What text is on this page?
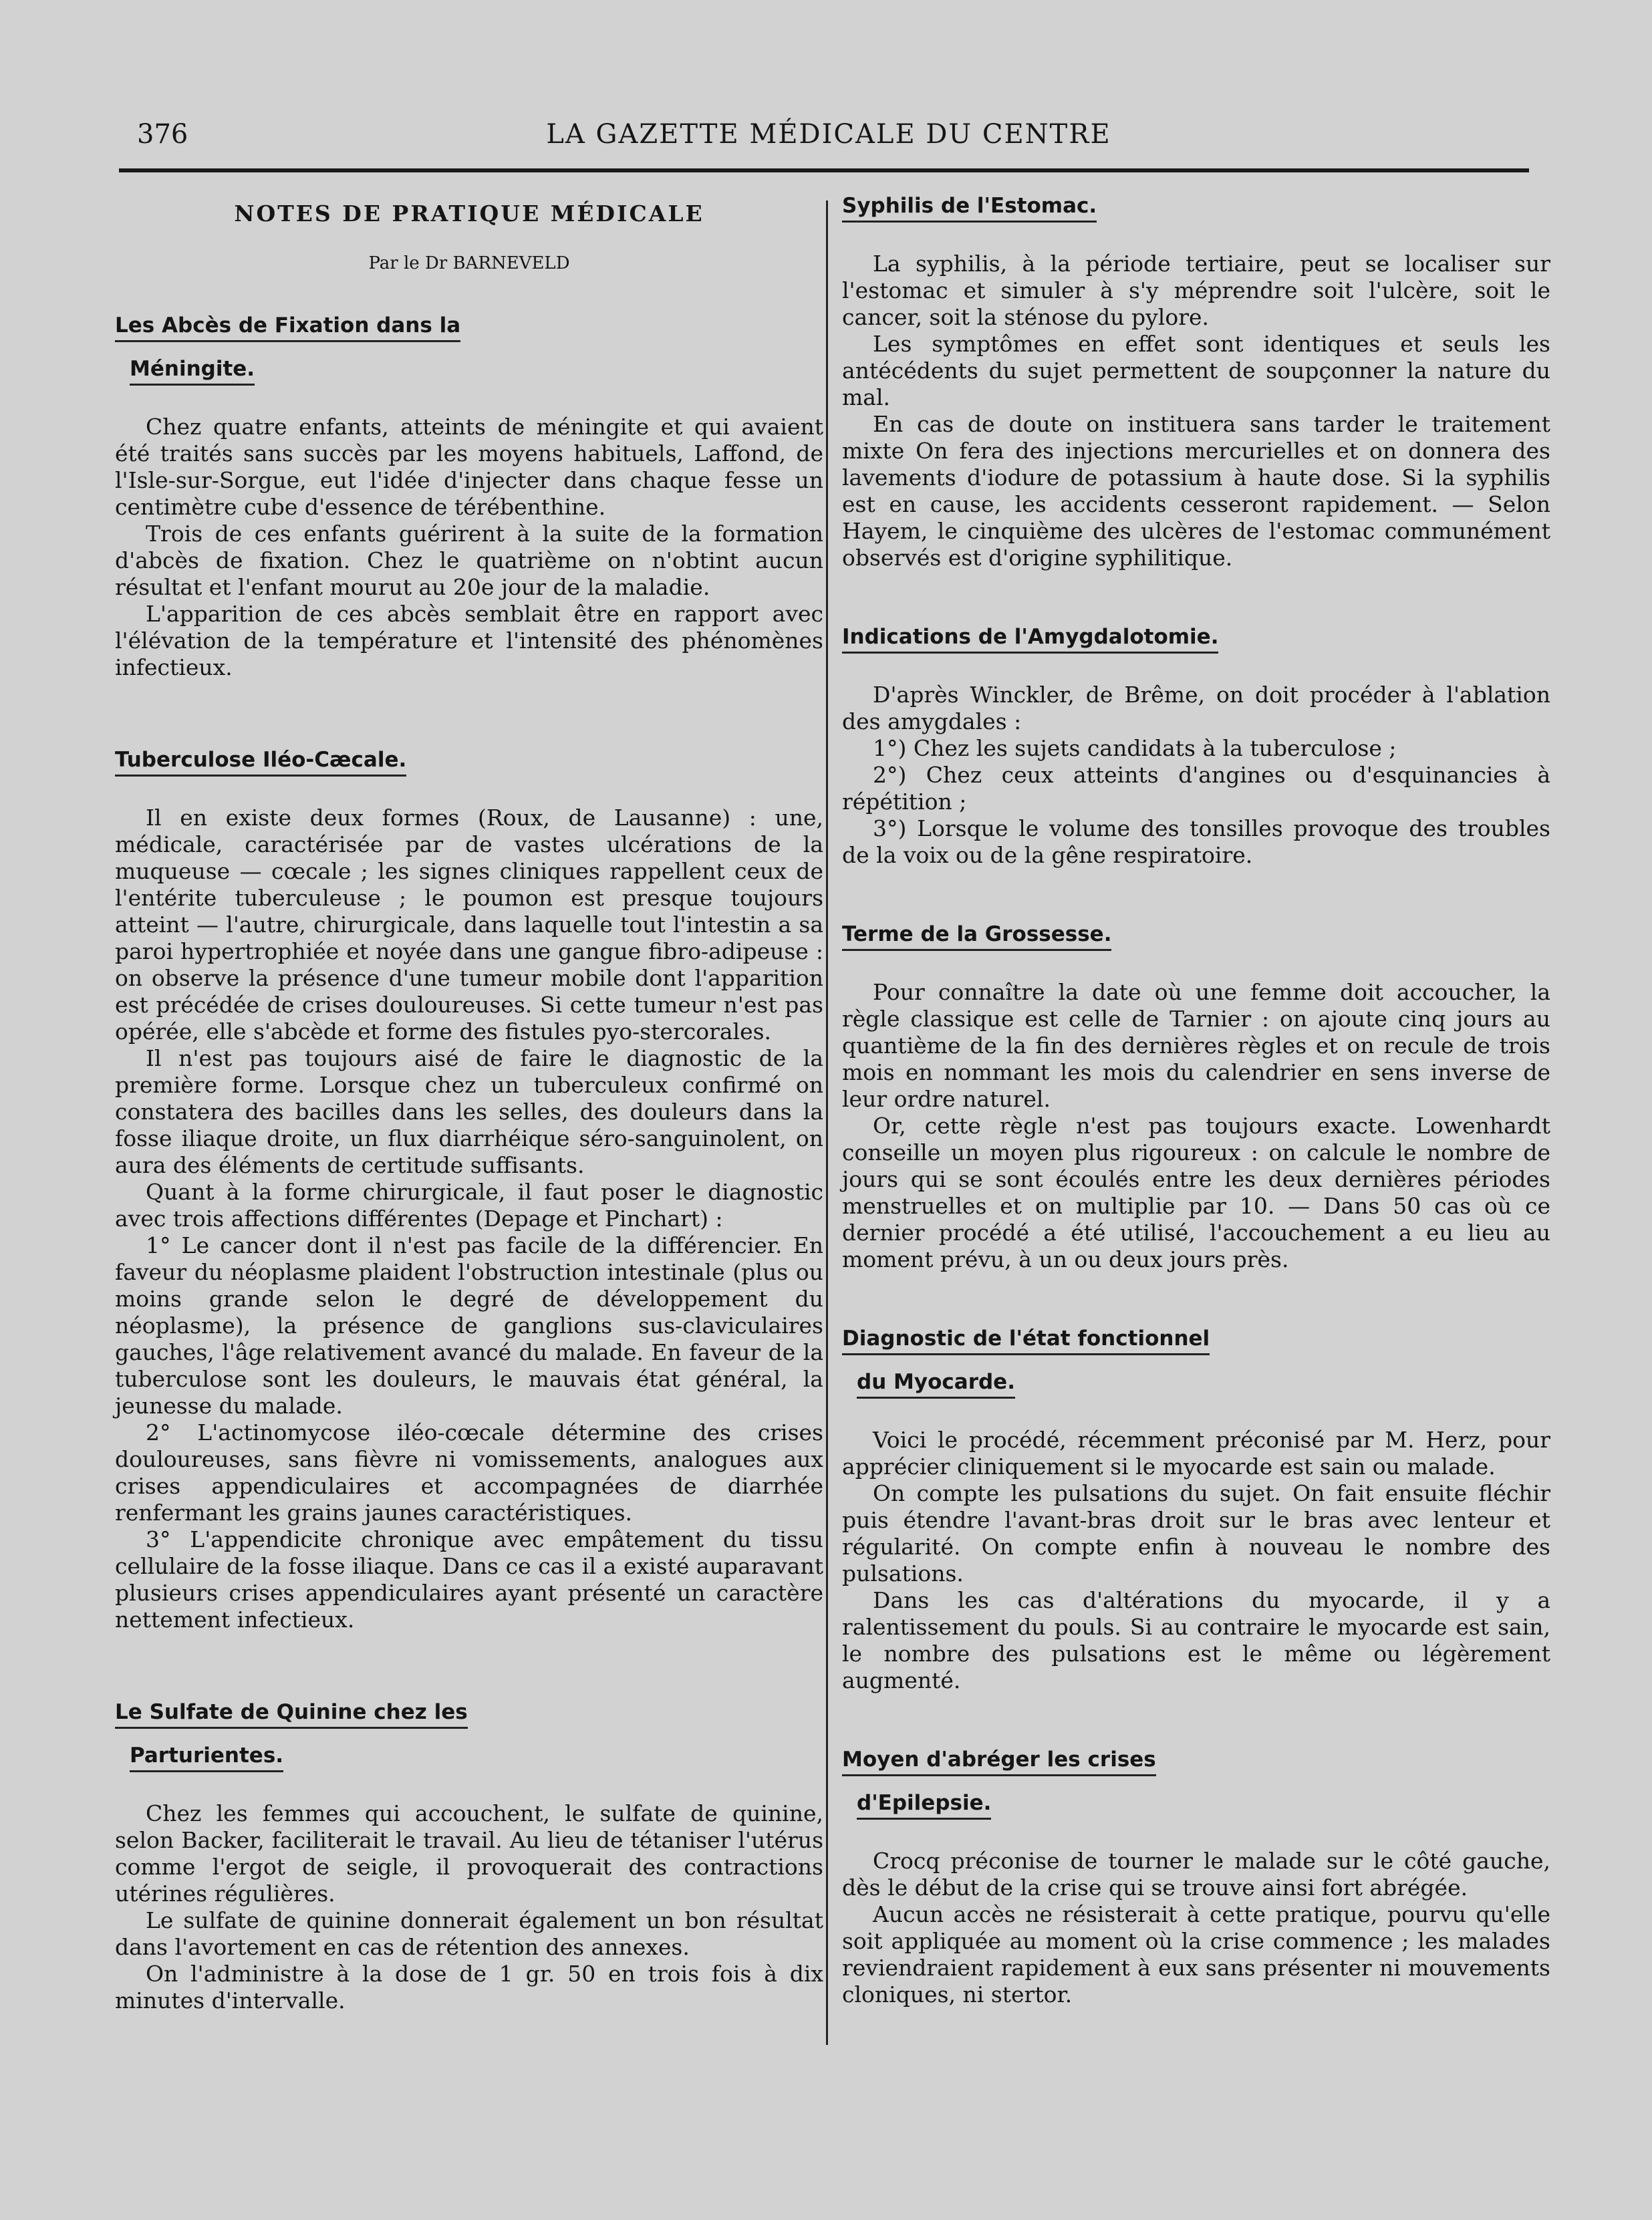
376	LA GAZETTE MÉDICALE DU CENTRE
NOTES DE PRATIQUE MÉDICALE
Par le Dr BARNEVELD
Les Abcès de Fixation dans la
Méningite.

Chez quatre enfants, atteints de méningite et qui avaient été traités sans succès par les moyens habituels, Laffond, de l'Isle-sur-Sorgue, eut l'idée d'injecter dans chaque fesse un centimètre cube d'essence de térébenthine.

Trois de ces enfants guérirent à la suite de la formation d'abcès de fixation. Chez le quatrième on n'obtint aucun résultat et l'enfant mourut au 20e jour de la maladie.

L'apparition de ces abcès semblait être en rapport avec l'élévation de la température et l'intensité des phénomènes infectieux.

Tuberculose Iléo-Cæcale.

Il en existe deux formes (Roux, de Lausanne) : une, médicale, caractérisée par de vastes ulcérations de la muqueuse — cœcale ; les signes cliniques rappellent ceux de l'entérite tuberculeuse ; le poumon est presque toujours atteint — l'autre, chirurgicale, dans laquelle tout l'intestin a sa paroi hypertrophiée et noyée dans une gangue fibro-adipeuse : on observe la présence d'une tumeur mobile dont l'apparition est précédée de crises douloureuses. Si cette tumeur n'est pas opérée, elle s'abcède et forme des fistules pyo-stercorales.

Il n'est pas toujours aisé de faire le diagnostic de la première forme. Lorsque chez un tuberculeux confirmé on constatera des bacilles dans les selles, des douleurs dans la fosse iliaque droite, un flux diarrhéique séro-sanguinolent, on aura des éléments de certitude suffisants.

Quant à la forme chirurgicale, il faut poser le diagnostic avec trois affections différentes (Depage et Pinchart) :

1° Le cancer dont il n'est pas facile de la différencier. En faveur du néoplasme plaident l'obstruction intestinale (plus ou moins grande selon le degré de développement du néoplasme), la présence de ganglions sus-claviculaires gauches, l'âge relativement avancé du malade. En faveur de la tuberculose sont les douleurs, le mauvais état général, la jeunesse du malade.

2° L'actinomycose iléo-cœcale détermine des crises douloureuses, sans fièvre ni vomissements, analogues aux crises appendiculaires et accompagnées de diarrhée renfermant les grains jaunes caractéristiques.

3° L'appendicite chronique avec empâtement du tissu cellulaire de la fosse iliaque. Dans ce cas il a existé auparavant plusieurs crises appendiculaires ayant présenté un caractère nettement infectieux.

Le Sulfate de Quinine chez les
Parturientes.

Chez les femmes qui accouchent, le sulfate de quinine, selon Backer, faciliterait le travail. Au lieu de tétaniser l'utérus comme l'ergot de seigle, il provoquerait des contractions utérines régulières.

Le sulfate de quinine donnerait également un bon résultat dans l'avortement en cas de rétention des annexes.

On l'administre à la dose de 1 gr. 50 en trois fois à dix minutes d'intervalle.

Syphilis de l'Estomac.

La syphilis, à la période tertiaire, peut se localiser sur l'estomac et simuler à s'y méprendre soit l'ulcère, soit le cancer, soit la sténose du pylore.

Les symptômes en effet sont identiques et seuls les antécédents du sujet permettent de soupçonner la nature du mal.

En cas de doute on instituera sans tarder le traitement mixte On fera des injections mercurielles et on donnera des lavements d'iodure de potassium à haute dose. Si la syphilis est en cause, les accidents cesseront rapidement. — Selon Hayem, le cinquième des ulcères de l'estomac communément observés est d'origine syphilitique.

Indications de l'Amygdalotomie.

D'après Winckler, de Brême, on doit procéder à l'ablation des amygdales :

1°) Chez les sujets candidats à la tuberculose ;

2°) Chez ceux atteints d'angines ou d'esquinancies à répétition ;

3°) Lorsque le volume des tonsilles provoque des troubles de la voix ou de la gêne respiratoire.

Terme de la Grossesse.

Pour connaître la date où une femme doit accoucher, la règle classique est celle de Tarnier : on ajoute cinq jours au quantième de la fin des dernières règles et on recule de trois mois en nommant les mois du calendrier en sens inverse de leur ordre naturel.

Or, cette règle n'est pas toujours exacte. Lowenhardt conseille un moyen plus rigoureux : on calcule le nombre de jours qui se sont écoulés entre les deux dernières périodes menstruelles et on multiplie par 10. — Dans 50 cas où ce dernier procédé a été utilisé, l'accouchement a eu lieu au moment prévu, à un ou deux jours près.

Diagnostic de l'état fonctionnel
du Myocarde.

Voici le procédé, récemment préconisé par M. Herz, pour apprécier cliniquement si le myocarde est sain ou malade.

On compte les pulsations du sujet. On fait ensuite fléchir puis étendre l'avant-bras droit sur le bras avec lenteur et régularité. On compte enfin à nouveau le nombre des pulsations.

Dans les cas d'altérations du myocarde, il y a ralentissement du pouls. Si au contraire le myocarde est sain, le nombre des pulsations est le même ou légèrement augmenté.

Moyen d'abréger les crises
d'Epilepsie.

Crocq préconise de tourner le malade sur le côté gauche, dès le début de la crise qui se trouve ainsi fort abrégée.

Aucun accès ne résisterait à cette pratique, pourvu qu'elle soit appliquée au moment où la crise commence ; les malades reviendraient rapidement à eux sans présenter ni mouvements cloniques, ni stertor.
